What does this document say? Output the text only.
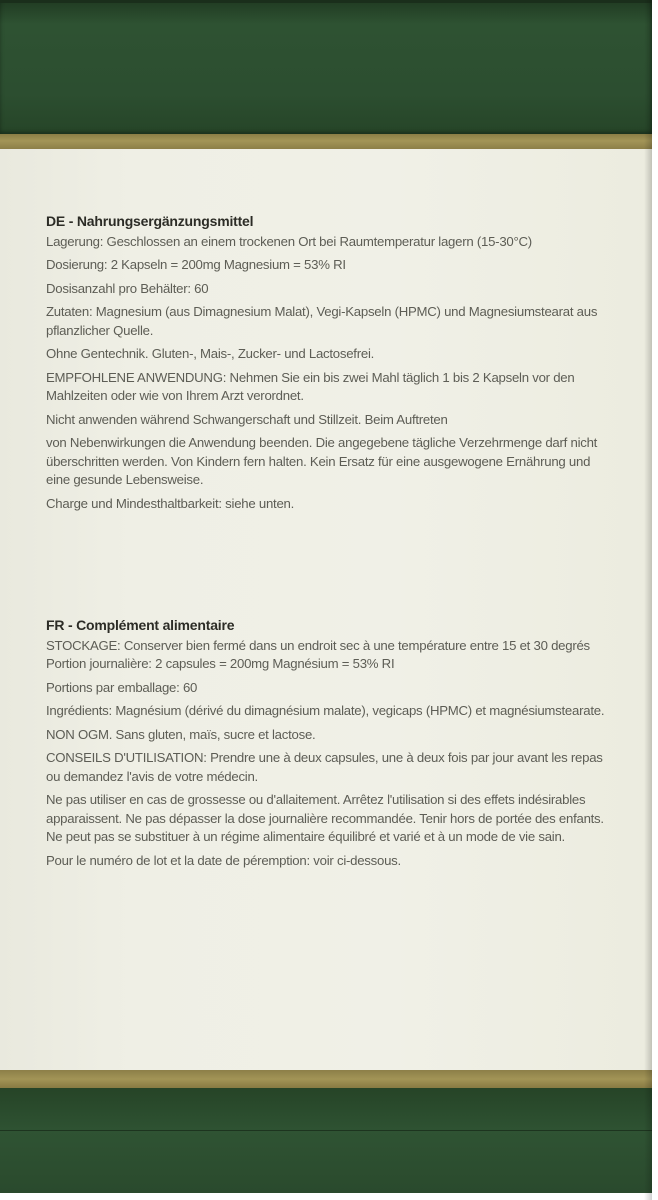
DE - Nahrungsergänzungsmittel

Lagerung: Geschlossen an einem trockenen Ort bei Raumtemperatur lagern (15-30°C)

Dosierung: 2 Kapseln = 200mg Magnesium = 53% RI

Dosisanzahl pro Behälter: 60

Zutaten: Magnesium (aus Dimagnesium Malat), Vegi-Kapseln (HPMC) und Magnesiumstearat aus pflanzlicher Quelle.

Ohne Gentechnik. Gluten-, Mais-, Zucker- und Lactosefrei.

EMPFOHLENE ANWENDUNG: Nehmen Sie ein bis zwei Mahl täglich 1 bis 2 Kapseln vor den Mahlzeiten oder wie von Ihrem Arzt verordnet.

Nicht anwenden während Schwangerschaft und Stillzeit. Beim Auftreten

von Nebenwirkungen die Anwendung beenden. Die angegebene tägliche Verzehrmenge darf nicht überschritten werden. Von Kindern fern halten. Kein Ersatz für eine ausgewogene Ernährung und eine gesunde Lebensweise.

Charge und Mindesthaltbarkeit: siehe unten.

FR - Complément alimentaire

STOCKAGE: Conserver bien fermé dans un endroit sec à une température entre 15 et 30 degrés Portion journalière: 2 capsules = 200mg Magnésium = 53% RI

Portions par emballage: 60

Ingrédients: Magnésium (dérivé du dimagnésium malate), vegicaps (HPMC) et magnésiumstearate.

NON OGM. Sans gluten, maïs, sucre et lactose.

CONSEILS D'UTILISATION: Prendre une à deux capsules, une à deux fois par jour avant les repas ou demandez l'avis de votre médecin.

Ne pas utiliser en cas de grossesse ou d'allaitement. Arrêtez l'utilisation si des effets indésirables apparaissent. Ne pas dépasser la dose journalière recommandée. Tenir hors de portée des enfants. Ne peut pas se substituer à un régime alimentaire équilibré et varié et à un mode de vie sain.

Pour le numéro de lot et la date de péremption: voir ci-dessous.
